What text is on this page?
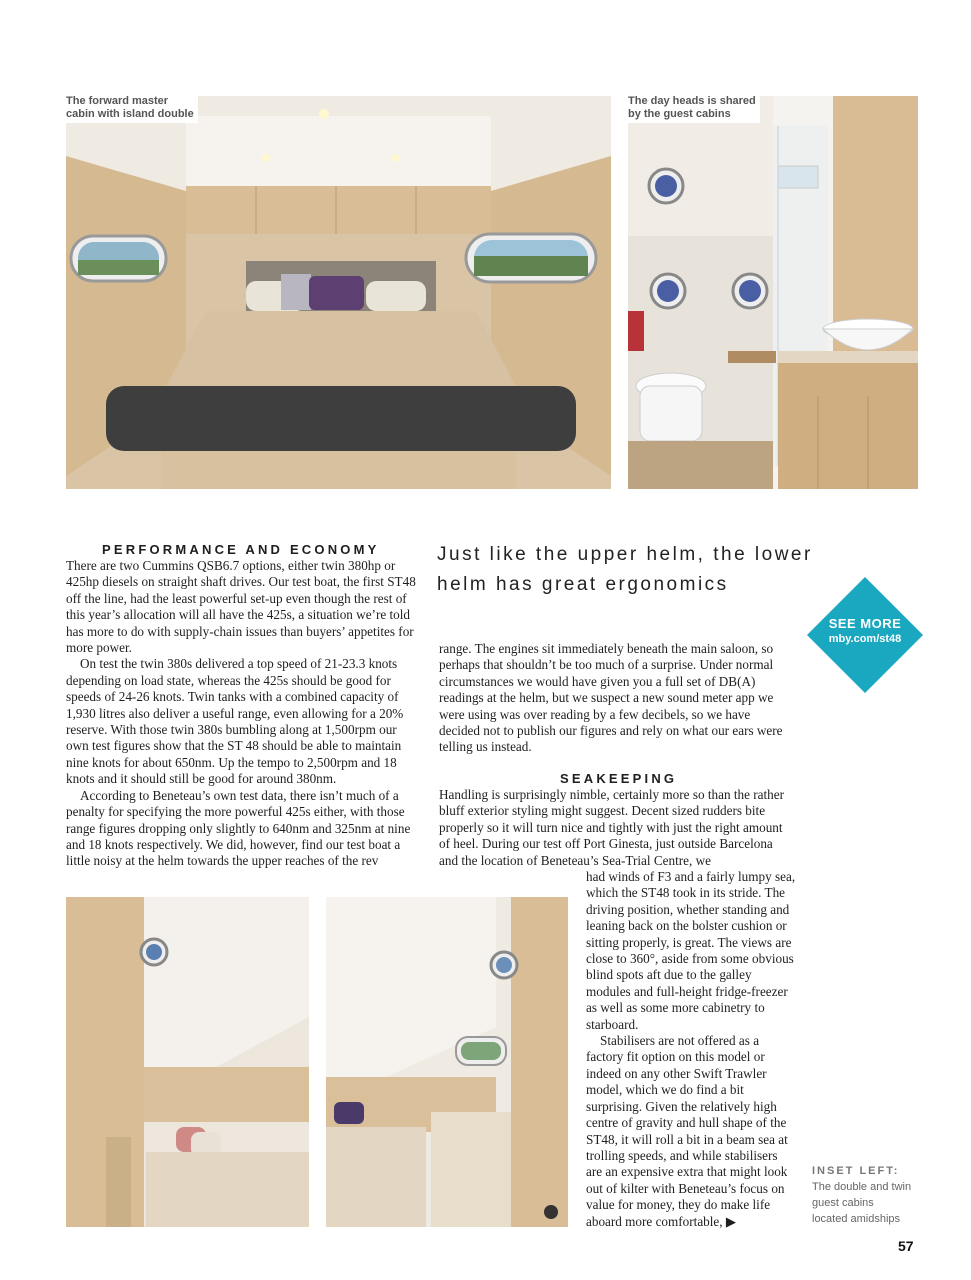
The forward master
cabin with island double
The day heads is shared
by the guest cabins
PERFORMANCE AND ECONOMY

There are two Cummins QSB6.7 options, either twin 380hp or 425hp diesels on straight shaft drives. Our test boat, the first ST48 off the line, had the least powerful set-up even though the rest of this year’s allocation will all have the 425s, a situation we’re told has more to do with supply-chain issues than buyers’ appetites for more power.

On test the twin 380s delivered a top speed of 21-23.3 knots depending on load state, whereas the 425s should be good for speeds of 24-26 knots. Twin tanks with a combined capacity of 1,930 litres also deliver a useful range, even allowing for a 20% reserve. With those twin 380s bumbling along at 1,500rpm our own test figures show that the ST 48 should be able to maintain nine knots for about 650nm. Up the tempo to 2,500rpm and 18 knots and it should still be good for around 380nm.

According to Beneteau’s own test data, there isn’t much of a penalty for specifying the more powerful 425s either, with those range figures dropping only slightly to 640nm and 325nm at nine and 18 knots respectively. We did, however, find our test boat a little noisy at the helm towards the upper reaches of the rev

Just like the upper helm, the lower
helm has great ergonomics
SEE MORE
mby.com/st48

range. The engines sit immediately beneath the main saloon, so perhaps that shouldn’t be too much of a surprise. Under normal circumstances we would have given you a full set of DB(A) readings at the helm, but we suspect a new sound meter app we were using was over reading by a few decibels, so we have decided not to publish our figures and rely on what our ears were telling us instead.

SEAKEEPING

Handling is surprisingly nimble, certainly more so than the rather bluff exterior styling might suggest. Decent sized rudders bite properly so it will turn nice and tightly with just the right amount of heel. During our test off Port Ginesta, just outside Barcelona and the location of Beneteau’s Sea-Trial Centre, we

had winds of F3 and a fairly lumpy sea, which the ST48 took in its stride. The driving position, whether standing and leaning back on the bolster cushion or sitting properly, is great. The views are close to 360°, aside from some obvious blind spots aft due to the galley modules and full-height fridge-freezer as well as some more cabinetry to starboard.

Stabilisers are not offered as a factory fit option on this model or indeed on any other Swift Trawler model, which we do find a bit surprising. Given the relatively high centre of gravity and hull shape of the ST48, it will roll a bit in a beam sea at trolling speeds, and while stabilisers are an expensive extra that might look out of kilter with Beneteau’s focus on value for money, they do make life aboard more comfortable, ▶

INSET LEFT:
The double and twin
guest cabins
located amidships
57
